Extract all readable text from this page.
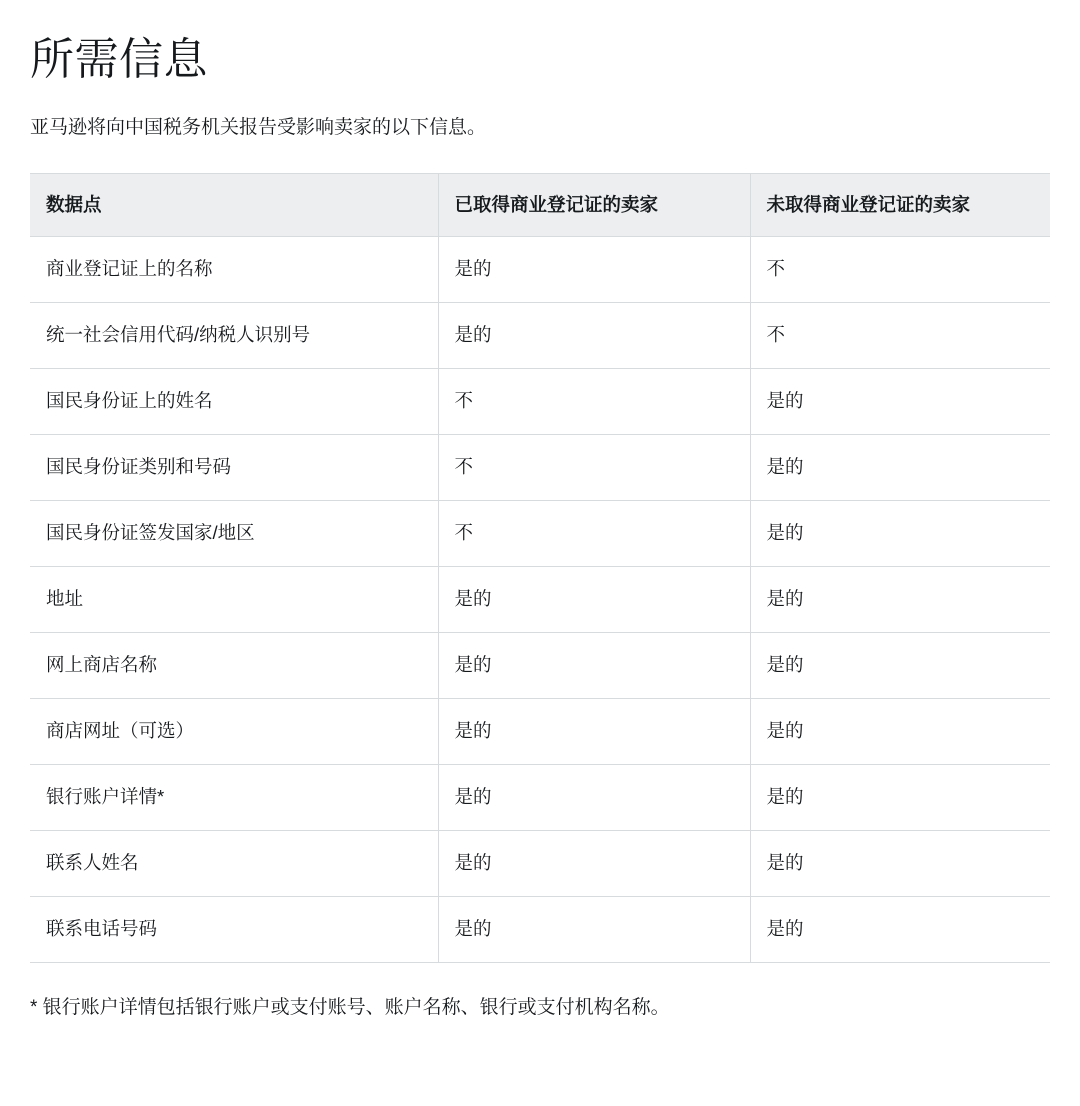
所需信息

亚马逊将向中国税务机关报告受影响卖家的以下信息。

数据点	已取得商业登记证的卖家	未取得商业登记证的卖家
商业登记证上的名称	是的	不
统一社会信用代码/纳税人识别号	是的	不
国民身份证上的姓名	不	是的
国民身份证类别和号码	不	是的
国民身份证签发国家/地区	不	是的
地址	是的	是的
网上商店名称	是的	是的
商店网址（可选）	是的	是的
银行账户详情*	是的	是的
联系人姓名	是的	是的
联系电话号码	是的	是的

* 银行账户详情包括银行账户或支付账号、账户名称、银行或支付机构名称。
